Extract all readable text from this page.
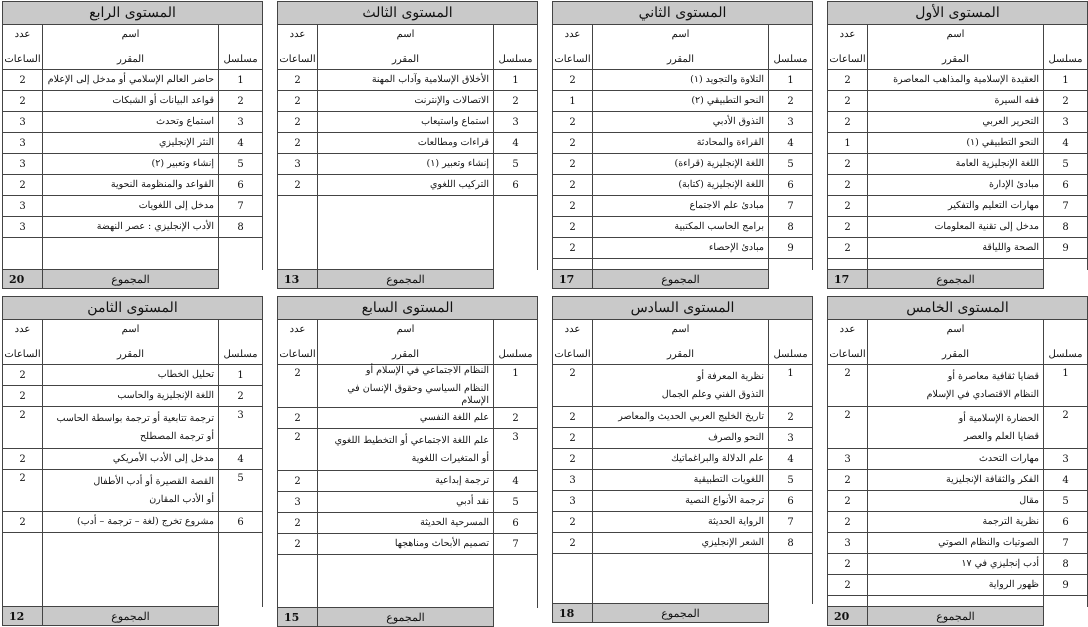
المستوى الرابع		

عدد
الساعات	اسم
المقرر	مسلسل
2	حاضر العالم الإسلامي أو مدخل إلى الإعلام	1
2	قواعد البيانات أو الشبكات	2
3	استماع وتحدث	3
3	النثر الإنجليزي	4
3	إنشاء وتعبير (٢)	5
2	القواعد والمنظومة النحوية	6
3	مدخل إلى اللغويات	7
3	الأدب الإنجليزي : عصر النهضة	8

20	المجموع	
المستوى الثالث		

عدد
الساعات	اسم
المقرر	مسلسل
2	الأخلاق الإسلامية وآداب المهنة	1
2	الاتصالات والإنترنت	2
2	استماع واستيعاب	3
2	قراءات ومطالعات	4
3	إنشاء وتعبير (١)	5
2	التركيب اللغوي	6

13	المجموع	
المستوى الثاني		

عدد
الساعات	اسم
المقرر	مسلسل
2	التلاوة والتجويد (١)	1
1	النحو التطبيقي (٢)	2
2	التذوق الأدبي	3
2	القراءة والمحادثة	4
2	اللغة الإنجليزية (قراءة)	5
2	اللغة الإنجليزية (كتابة)	6
2	مبادئ علم الاجتماع	7
2	برامج الحاسب المكتبية	8
2	مبادئ الإحصاء	9

17	المجموع	
المستوى الأول		

عدد
الساعات	اسم
المقرر	مسلسل
2	العقيدة الإسلامية والمذاهب المعاصرة	1
2	فقه السيرة	2
2	التحرير العربي	3
1	النحو التطبيقي (١)	4
2	اللغة الإنجليزية العامة	5
2	مبادئ الإدارة	6
2	مهارات التعليم والتفكير	7
2	مدخل إلى تقنية المعلومات	8
2	الصحة واللياقة	9

17	المجموع	
المستوى الثامن		

عدد
الساعات	اسم
المقرر	مسلسل
2	تحليل الخطاب	1
2	اللغة الإنجليزية والحاسب	2
2	ترجمة تتابعية أو ترجمة بواسطة الحاسب
أو ترجمة المصطلح	3
2	مدخل إلى الأدب الأمريكي	4
2	القصة القصيرة أو أدب الأطفال
أو الأدب المقارن	5
2	مشروع تخرج (لغة – ترجمة – أدب)	6

12	المجموع	
المستوى السابع		

عدد
الساعات	اسم
المقرر	مسلسل
2	النظام الاجتماعي في الإسلام أو
النظام السياسي وحقوق الإنسان في الإسلام	1
2	علم اللغة النفسي	2
2	علم اللغة الاجتماعي أو التخطيط اللغوي
أو المتغيرات اللغوية	3
2	ترجمة إبداعية	4
3	نقد أدبي	5
2	المسرحية الحديثة	6
2	تصميم الأبحاث ومناهجها	7

15	المجموع	
المستوى السادس		

عدد
الساعات	اسم
المقرر	مسلسل
2	نظرية المعرفة أو
التذوق الفني وعلم الجمال	1
2	تاريخ الخليج العربي الحديث والمعاصر	2
2	النحو والصرف	3
2	علم الدلالة والبراغماتيك	4
3	اللغويات التطبيقية	5
3	ترجمة الأنواع النصية	6
2	الرواية الحديثة	7
2	الشعر الإنجليزي	8

18	المجموع	
المستوى الخامس		

عدد
الساعات	اسم
المقرر	مسلسل
2	قضايا ثقافية معاصرة أو
النظام الاقتصادي في الإسلام	1
2	الحضارة الإسلامية أو
قضايا العلم والعصر	2
3	مهارات التحدث	3
2	الفكر والثقافة الإنجليزية	4
2	مقال	5
2	نظرية الترجمة	6
3	الصوتيات والنظام الصوتي	7
2	أدب إنجليزي في ١٧	8
2	ظهور الرواية	9

20	المجموع	
